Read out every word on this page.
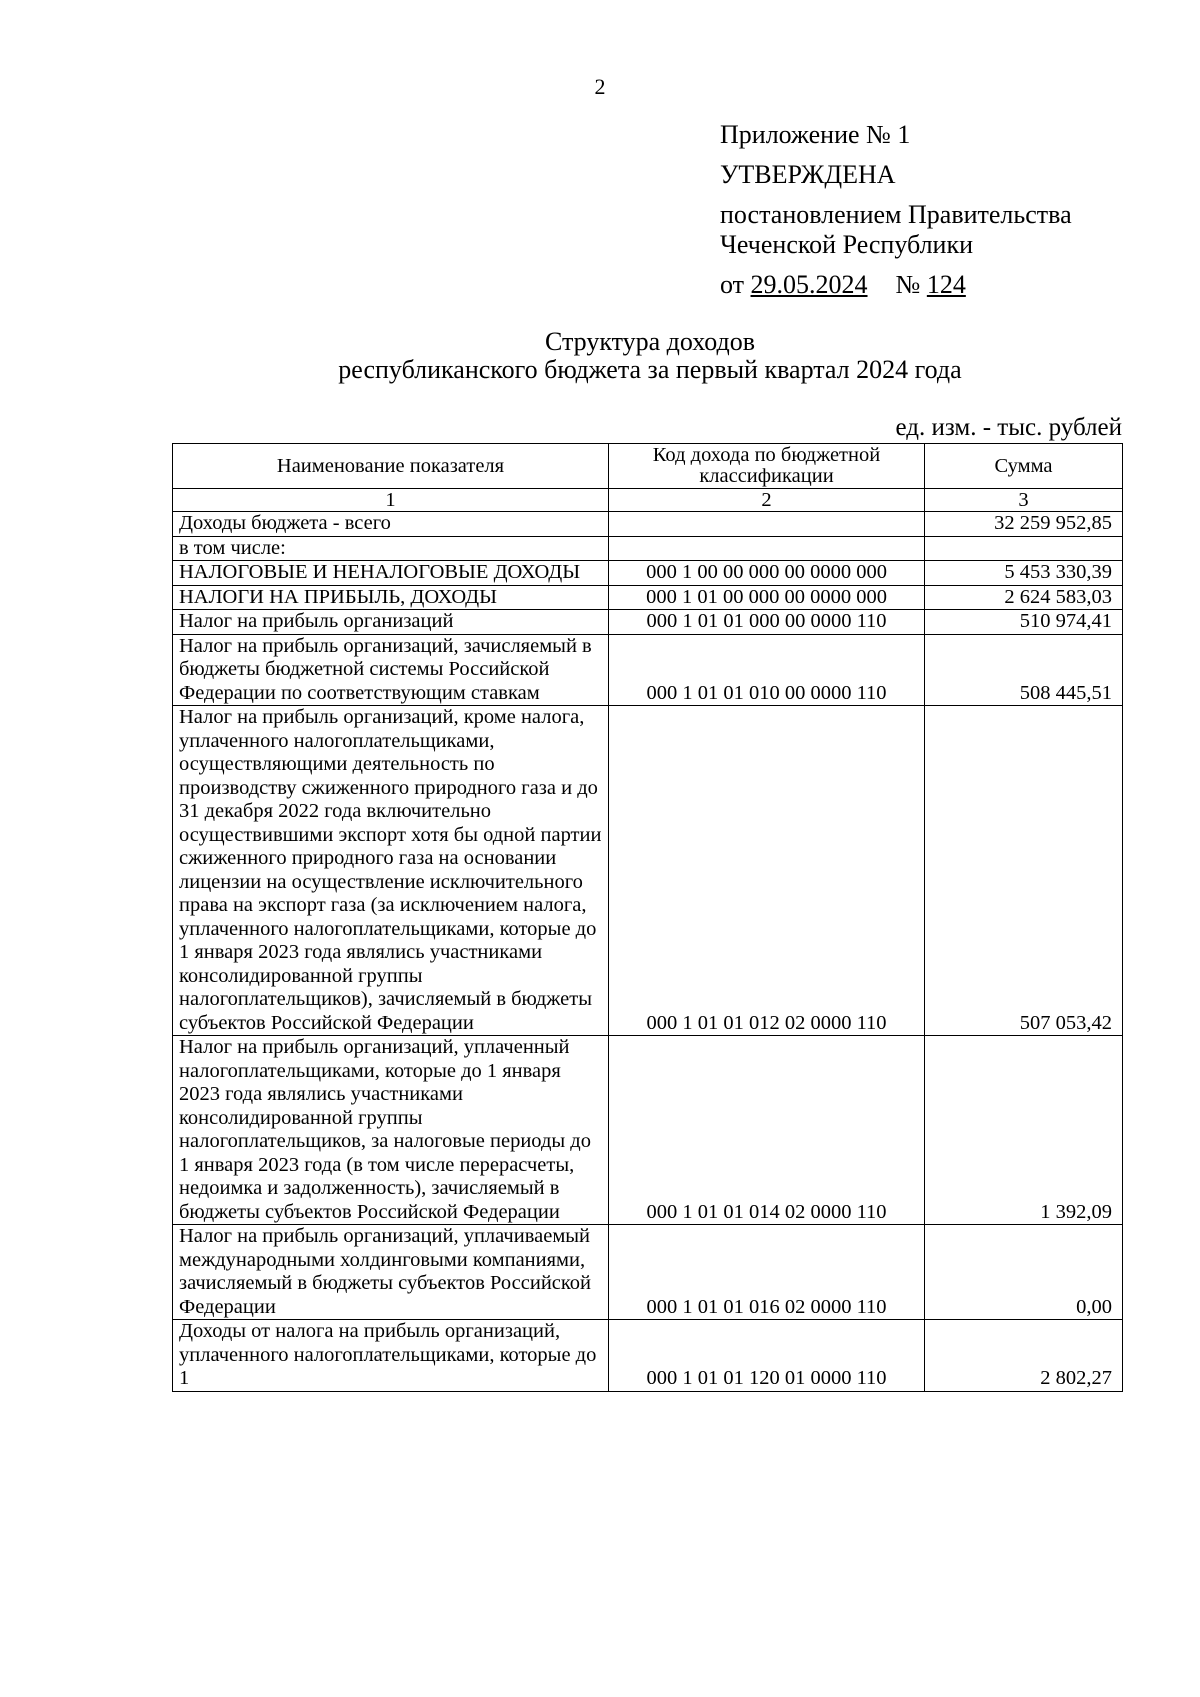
2
Приложение № 1
УТВЕРЖДЕНА
постановлением Правительства
Чеченской Республики
от 29.05.2024 № 124
Структура доходов
республиканского бюджета за первый квартал 2024 года
ед. изм. - тыс. рублей
Наименование показателя	Код дохода по бюджетной классификации	Сумма
1	2	3
Доходы бюджета - всего		32 259 952,85
в том числе:		
НАЛОГОВЫЕ И НЕНАЛОГОВЫЕ ДОХОДЫ	000 1 00 00 000 00 0000 000	5 453 330,39
НАЛОГИ НА ПРИБЫЛЬ, ДОХОДЫ	000 1 01 00 000 00 0000 000	2 624 583,03
Налог на прибыль организаций	000 1 01 01 000 00 0000 110	510 974,41
Налог на прибыль организаций, зачисляемый в бюджеты бюджетной системы Российской Федерации по соответствующим ставкам	000 1 01 01 010 00 0000 110	508 445,51
Налог на прибыль организаций, кроме налога, уплаченного налогоплательщиками, осуществляющими деятельность по производству сжиженного природного газа и до 31 декабря 2022 года включительно осуществившими экспорт хотя бы одной партии сжиженного природного газа на основании лицензии на осуществление исключительного права на экспорт газа (за исключением налога, уплаченного налогоплательщиками, которые до 1 января 2023 года являлись участниками консолидированной группы налогоплательщиков), зачисляемый в бюджеты субъектов Российской Федерации	000 1 01 01 012 02 0000 110	507 053,42
Налог на прибыль организаций, уплаченный налогоплательщиками, которые до 1 января 2023 года являлись участниками консолидированной группы налогоплательщиков, за налоговые периоды до 1 января 2023 года (в том числе перерасчеты, недоимка и задолженность), зачисляемый в бюджеты субъектов Российской Федерации	000 1 01 01 014 02 0000 110	1 392,09
Налог на прибыль организаций, уплачиваемый международными холдинговыми компаниями, зачисляемый в бюджеты субъектов Российской Федерации	000 1 01 01 016 02 0000 110	0,00
Доходы от налога на прибыль организаций, уплаченного налогоплательщиками, которые до 1	000 1 01 01 120 01 0000 110	2 802,27
